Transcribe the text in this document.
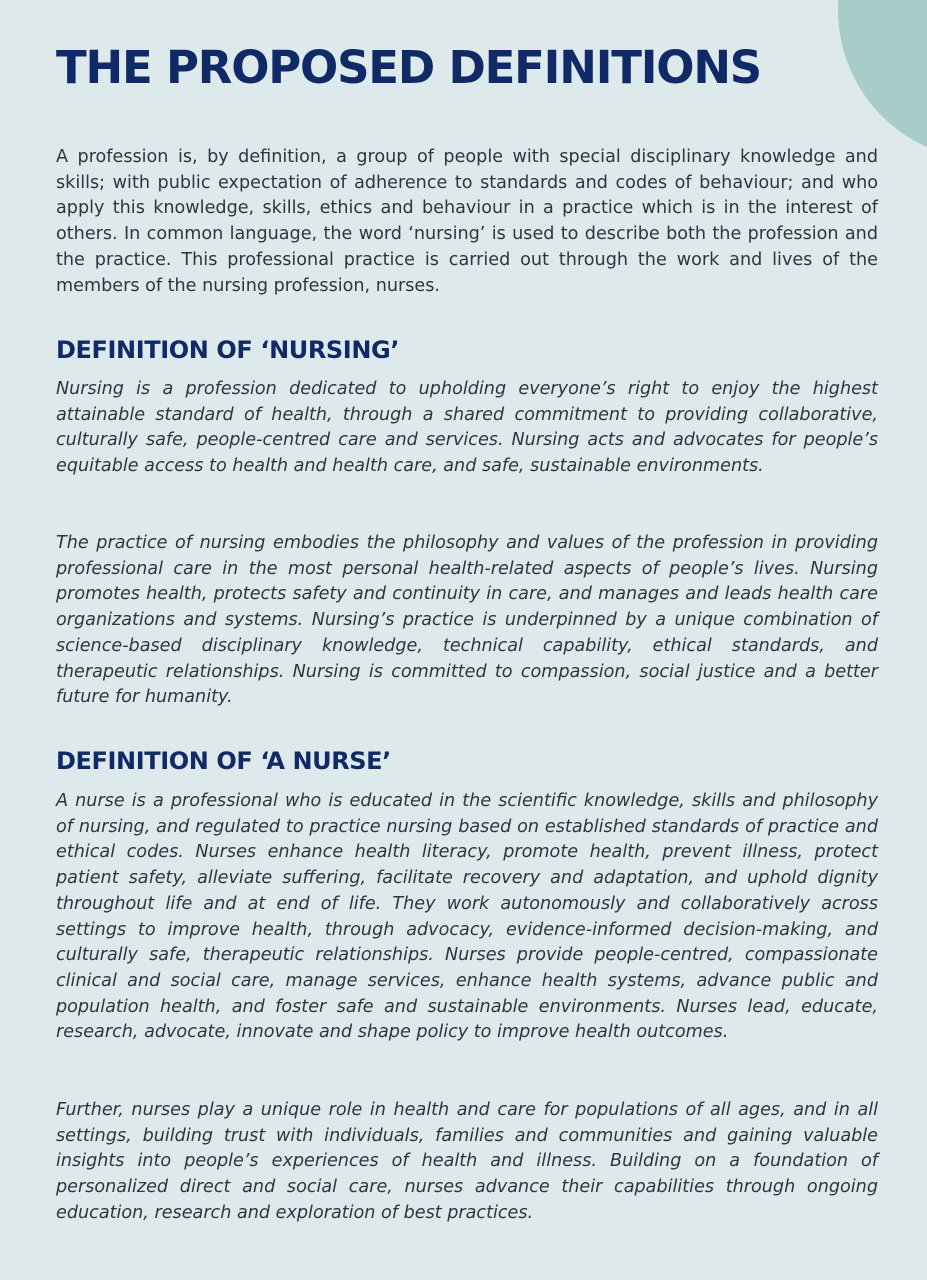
THE PROPOSED DEFINITIONS

A profession is, by definition, a group of people with special disciplinary knowledge and skills; with public expectation of adherence to standards and codes of behaviour; and who apply this knowledge, skills, ethics and behaviour in a practice which is in the interest of others. In common language, the word ‘nursing’ is used to describe both the profession and the practice. This professional practice is carried out through the work and lives of the members of the nursing profession, nurses.

DEFINITION OF ‘NURSING’

Nursing is a profession dedicated to upholding everyone’s right to enjoy the highest attainable standard of health, through a shared commitment to providing collaborative, culturally safe, people-centred care and services. Nursing acts and advocates for people’s equitable access to health and health care, and safe, sustainable environments.

The practice of nursing embodies the philosophy and values of the profession in providing professional care in the most personal health-related aspects of people’s lives. Nursing promotes health, protects safety and continuity in care, and manages and leads health care organizations and systems. Nursing’s practice is underpinned by a unique combination of science-based disciplinary knowledge, technical capability, ethical standards, and therapeutic relationships. Nursing is committed to compassion, social justice and a better future for humanity.

DEFINITION OF ‘A NURSE’

A nurse is a professional who is educated in the scientific knowledge, skills and philosophy of nursing, and regulated to practice nursing based on established standards of practice and ethical codes. Nurses enhance health literacy, promote health, prevent illness, protect patient safety, alleviate suffering, facilitate recovery and adaptation, and uphold dignity throughout life and at end of life. They work autonomously and collaboratively across settings to improve health, through advocacy, evidence-informed decision-making, and culturally safe, therapeutic relationships. Nurses provide people-centred, compassionate clinical and social care, manage services, enhance health systems, advance public and population health, and foster safe and sustainable environments. Nurses lead, educate, research, advocate, innovate and shape policy to improve health outcomes.

Further, nurses play a unique role in health and care for populations of all ages, and in all settings, building trust with individuals, families and communities and gaining valuable insights into people’s experiences of health and illness. Building on a foundation of personalized direct and social care, nurses advance their capabilities through ongoing education, research and exploration of best practices.
